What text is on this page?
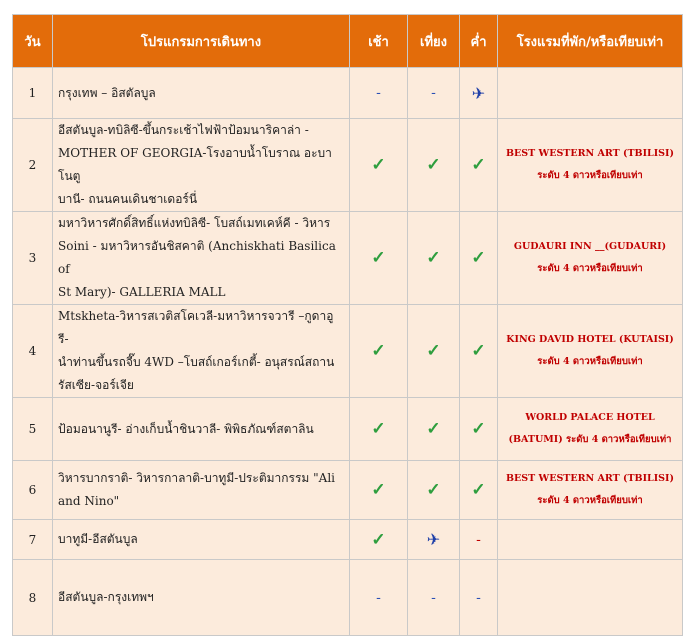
วัน	โปรแกรมการเดินทาง	เช้า	เที่ยง	ค่ำ	โรงแรมที่พัก/หรือเทียบเท่า
1	กรุงเทพ – อิสตัลบูล	-	-	✈	
2	อีสตันบูล-ทบิลิซี-ขึ้นกระเช้าไฟฟ้าป้อมนาริคาล่า -
MOTHER OF GEORGIA-โรงอาบน้ำโบราณ อะบาโนตู
บานี- ถนนคนเดินชาเดอร์นี่	✓	✓	✓	BEST WESTERN ART (TBILISI)
ระดับ 4 ดาวหรือเทียบเท่า

3	มหาวิหารศักดิ์สิทธิ์แห่งทบิลิซี- โบสถ์เมทเคห์คี - วิหาร
Soini - มหาวิหารอันชิสคาติ (Anchiskhati Basilica of
St Mary)- GALLERIA MALL	✓	✓	✓	GUDAURI INN __(GUDAURI)
ระดับ 4 ดาวหรือเทียบเท่า

4	Mtskheta-วิหารสเวติสโคเวลี-มหาวิหารจวารี –กูดาอูรี-
นำท่านขึ้นรถจี๊บ 4WD –โบสถ์เกอร์เกตี้- อนุสรณ์สถาน
รัสเซีย-จอร์เจีย	✓	✓	✓	KING DAVID HOTEL (KUTAISI)
ระดับ 4 ดาวหรือเทียบเท่า

5	ป้อมอนานูรี- อ่างเก็บน้ำชินวาลี- พิพิธภัณฑ์สตาลิน	✓	✓	✓	WORLD PALACE HOTEL
(BATUMI) ระดับ 4 ดาวหรือเทียบเท่า

6	วิหารบากราติ- วิหารกาลาติ-บาทูมี-ประติมากรรม "Ali
and Nino"	✓	✓	✓	BEST WESTERN ART (TBILISI)
ระดับ 4 ดาวหรือเทียบเท่า

7	บาทูมี-อีสตันบูล	✓	✈	-	
8	อีสตันบูล-กรุงเทพฯ	-	-	-	
